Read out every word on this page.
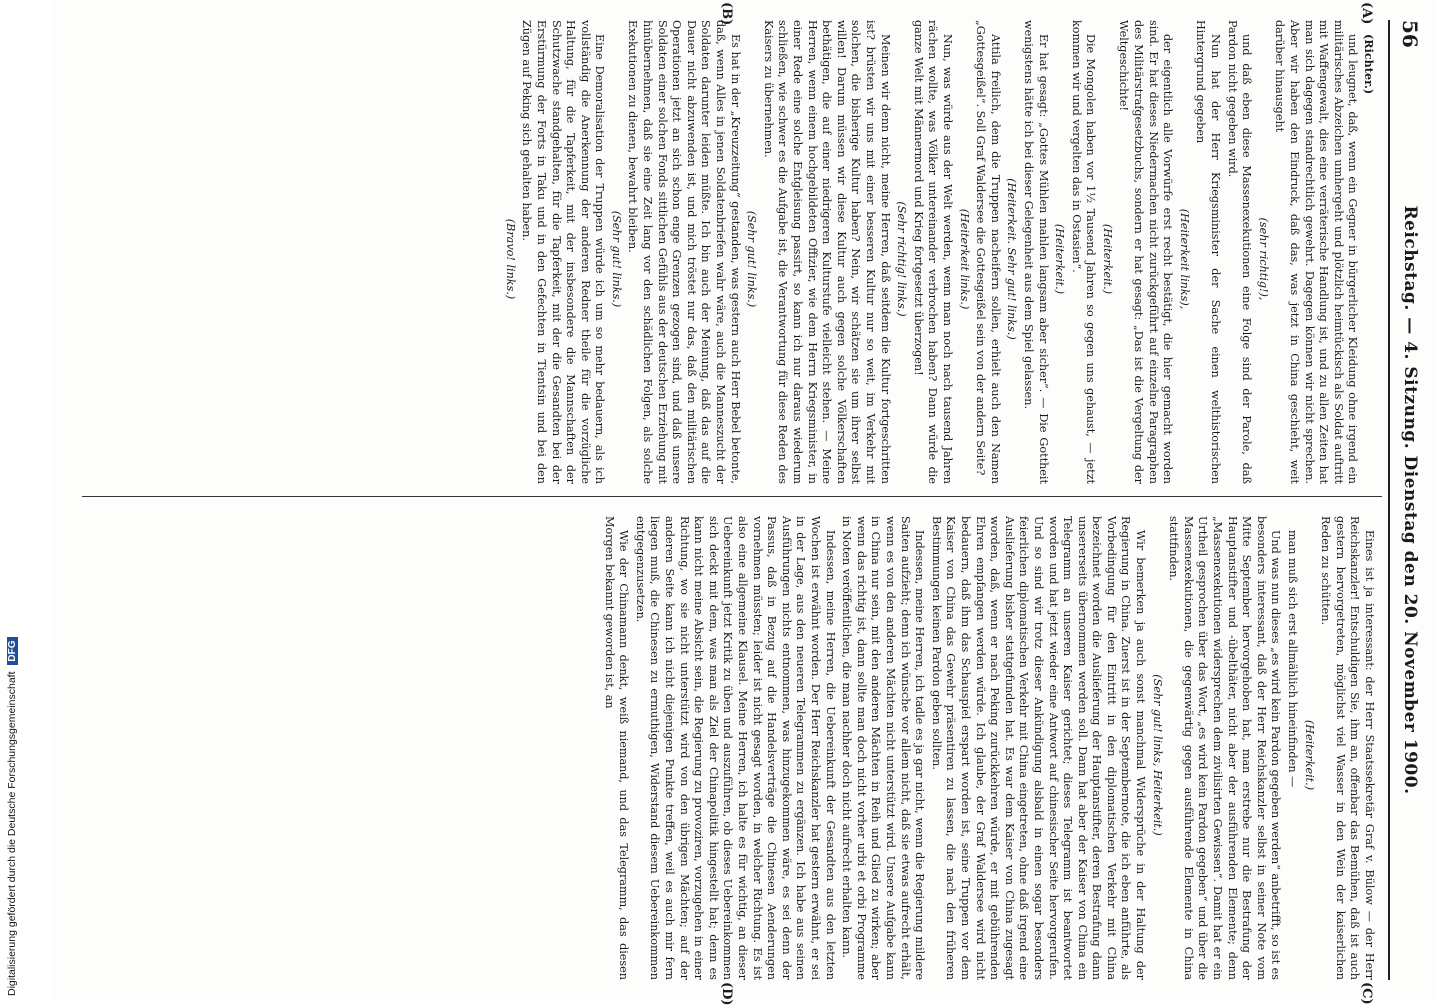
56
Reichstag. — 4. Sitzung. Dienstag den 20. November 1900.
(A)
(B)
(C)
(D)

(Richter.)

und leugnet, daß, wenn ein Gegner in bürgerlicher Kleidung ohne irgend ein militärisches Abzeichen umhergeht und plötzlich heimtückisch als Soldat auftritt mit Waffengewalt, dies eine verräterische Handlung ist, und zu allen Zeiten hat man sich dagegen standrechtlich gewehrt. Dagegen können wir nicht sprechen. Aber wir haben den Eindruck, daß das, was jetzt in China geschieht, weit darüber hinausgeht

(sehr richtig!),

und daß eben diese Massenexekutionen eine Folge sind der Parole, daß Pardon nicht gegeben wird.

Nun hat der Herr Kriegsminister der Sache einen welthistorischen Hintergrund gegeben

(Heiterkeit links),

der eigentlich alle Vorwürfe erst recht bestätigt, die hier gemacht worden sind. Er hat dieses Niedermachen nicht zurückgeführt auf einzelne Paragraphen des Militärstrafgesetzbuchs, sondern er hat gesagt: „Das ist die Vergeltung der Weltgeschichte!

(Heiterkeit.)

Die Mongolen haben vor 1½ Tausend Jahren so gegen uns gehaust, — jetzt kommen wir und vergelten das in Ostasien“.

(Heiterkeit.)

Er hat gesagt: „Gottes Mühlen mahlen langsam aber sicher“. — Die Gottheit wenigstens hätte ich bei dieser Gelegenheit aus dem Spiel gelassen.

(Heiterkeit. Sehr gut! links.)

Attila freilich, dem die Truppen nacheifern sollen, erhielt auch den Namen „Gottesgeißel“. Soll Graf Waldersee die Gottesgeißel sein von der andern Seite?

(Heiterkeit links.)

Nun, was würde aus der Welt werden, wenn man noch nach tausend Jahren rächen wollte, was Völker untereinander verbrochen haben? Dann würde die ganze Welt mit Männermord und Krieg fortgesetzt überzogen!

(Sehr richtig! links.)

Meinen wir denn nicht, meine Herren, daß seitdem die Kultur fortgeschritten ist? brüsten wir uns mit einer besseren Kultur nur so weit, im Verkehr mit solchen, die bisherige Kultur haben? Nein, wir schätzen sie um ihrer selbst willen! Darum müssen wir diese Kultur auch gegen solche Völkerschaften bethätigen, die auf einer niedrigeren Kulturstufe vielleicht stehen. — Meine Herren, wenn einem hochgebildeten Offizier, wie dem Herrn Kriegsminister, in einer Rede eine solche Entgleisung passirt, so kann ich nur daraus wiederum schließen, wie schwer es die Aufgabe ist, die Verantwortung für diese Reden des Kaisers zu übernehmen.

(Sehr gut! links.)

Es hat in der „Kreuzzeitung“ gestanden, was gestern auch Herr Bebel betonte, daß, wenn Alles in jenen Soldatenbriefen wahr wäre, auch die Manneszucht der Soldaten darunter leiden müßte. Ich bin auch der Meinung, daß das auf die Dauer nicht abzuwenden ist, und mich tröstet nur das, daß den militärischen Operationen jetzt an sich schon enge Grenzen gezogen sind, und daß unsere Soldaten einer solchen Fonds sittlichen Gefühls aus der deutschen Erziehung mit hinübernehmen, daß sie eine Zeit lang vor den schädlichen Folgen, als solche Exekutionen zu dienen, bewahrt bleiben.

(Sehr gut! links.)

Eine Demoralisation der Truppen würde ich um so mehr bedauern, als ich vollständig die Anerkennung der anderen Redner theile für die vorzügliche Haltung, für die Tapferkeit, mit der insbesondere die Mannschaften der Schutzwache standgehalten, für die Tapferkeit, mit der die Gesandten bei der Erstürmung der Forts in Taku und in den Gefechten in Tientsin und bei den Zügen auf Peking sich gehalten haben.

(Bravo! links.)

Eines ist ja interessant: der Herr Staatssekretär Graf v. Bülow — der Herr Reichskanzler! Entschuldigen Sie, ihm an, offenbar das Bemühen, daß ist auch gestern hervorgetreten, möglichst viel Wasser in den Wein der kaiserlichen Reden zu schütten.

(Heiterkeit.)

man muß sich erst allmählich hineinfinden —

Und was nun dieses „es wird kein Pardon gegeben werden“ anbetrifft, so ist es besonders interessant, daß der Herr Reichskanzler selbst in seiner Note vom Mitte September hervorgehoben hat, man erstrebe nur die Bestrafung der Hauptanstifter und -übelthäter, nicht aber der ausführenden Elemente; denn „Massenexekutionen widersprechen dem zivilisirten Gewissen“. Damit hat er ein Urtheil gesprochen über das Wort, „es wird kein Pardon gegeben“ und über die Massenexekutionen, die gegenwärtig gegen ausführende Elemente in China stattfinden.

(Sehr gut! links, Heiterkeit.)

Wir bemerken ja auch sonst manchmal Widersprüche in der Haltung der Regierung in China. Zuerst ist in der Septembernote, die ich eben anführte, als Vorbedingung für den Eintritt in den diplomatischen Verkehr mit China bezeichnet worden die Auslieferung der Hauptanstifter, deren Bestrafung dann unsererseits übernommen werden soll. Dann hat aber der Kaiser von China ein Telegramm an unseren Kaiser gerichtet; dieses Telegramm ist beantwortet worden und hat jetzt wieder eine Antwort auf chinesischer Seite hervorgerufen. Und so sind wir trotz dieser Ankündigung alsbald in einen sogar besonders feierlichen diplomatischen Verkehr mit China eingetreten, ohne daß irgend eine Auslieferung bisher stattgefunden hat. Es war dem Kaiser von China zugesagt worden, daß, wenn er nach Peking zurückkehren würde, er mit gebührenden Ehren empfangen werden würde. Ich glaube, der Graf Waldersee wird nicht bedauern, daß ihm das Schauspiel erspart worden ist, seine Truppen vor dem Kaiser von China das Gewehr präsentiren zu lassen, die nach den früheren Bestimmungen keinen Pardon geben sollten.

Indessen, meine Herren, ich tadle es ja gar nicht, wenn die Regierung mildere Saiten aufzieht; denn ich wünsche vor allem nicht, daß sie etwas aufrecht erhält, wenn es von den anderen Mächten nicht unterstützt wird. Unsere Aufgabe kann in China nur sein, mit den anderen Mächten in Reih und Glied zu wirken; aber wenn das richtig ist, dann sollte man doch nicht vorher urbi et orbi Programme in Noten veröffentlichen, die man nachher doch nicht aufrecht erhalten kann.

Indessen, meine Herren, die Uebereinkunft der Gesandten aus den letzten Wochen ist erwähnt worden. Der Herr Reichskanzler hat gestern erwähnt, er sei in der Lage, aus den neueren Telegrammen zu ergänzen. Ich habe aus seinen Ausführungen nichts entnommen, was hinzugekommen wäre, es sei denn der Passus, daß in Bezug auf die Handelsverträge die Chinesen Aenderungen vornehmen müssten; leider ist nicht gesagt worden, in welcher Richtung. Es ist also eine allgemeine Klausel. Meine Herren, ich halte es für wichtig, an dieser Uebereinkunft jetzt Kritik zu üben und auszuführen, ob dieses Uebereinkommen sich deckt mit dem, was man als Ziel der Chinapolitik hingestellt hat; denn es kann nicht meine Absicht sein, die Regierung zu provoziren, vorzugehen in einer Richtung, wo sie nicht unterstützt wird von den übrigen Mächten; auf der anderen Seite kann ich nicht diejenigen Punkte treffen, weil es auch mir fern liegen muß, die Chinesen zu ermuthigen, Widerstand diesem Uebereinkommen entgegenzusetzen.

Wie der Chinamann denkt, weiß niemand, und das Telegramm, das diesen Morgen bekannt geworden ist, an

Digitalisierung gefördert durch die Deutsche Forschungsgemeinschaft DFG
